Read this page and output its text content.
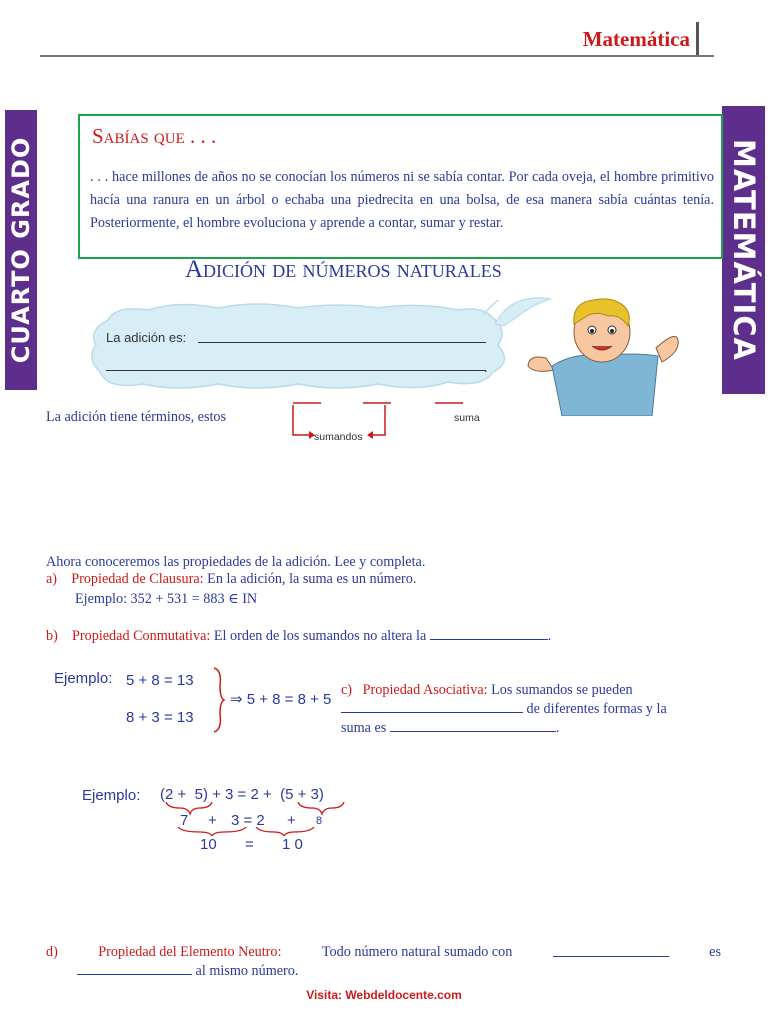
Matemática
CUARTO GRADO	MATEMÁTICA
Sabías que . . .
. . . hace millones de años no se conocían los números ni se sabía contar. Por cada oveja, el hombre primitivo hacía una ranura en un árbol o echaba una piedrecita en una bolsa, de esa manera sabía cuántas tenía. Posteriormente, el hombre evoluciona y aprende a contar, sumar y restar.
Adición de números naturales
La adición es:
.
La adición tiene términos, estos
sumandos
suma
Ahora conoceremos las propiedades de la adición. Lee y completa.
a) Propiedad de Clausura: En la adición, la suma es un número.
Ejemplo: 352 + 531 = 883 ∈ IN
b) Propiedad Conmutativa: El orden de los sumandos no altera la	.
Ejemplo: 5 + 8 = 13
8 + 3 = 13
⇒ 5 + 8 = 8 + 5
c) Propiedad Asociativa: Los sumandos se pueden
de diferentes formas y la
suma es	.
Ejemplo: (2 +  5) + 3 = 2 +  (5 + 3)
7 + 3 = 2 + 8
10 = 1 0
d)	Propiedad del Elemento Neutro:	Todo número natural sumado con	es
al mismo número.
Visita: Webdeldocente.com
